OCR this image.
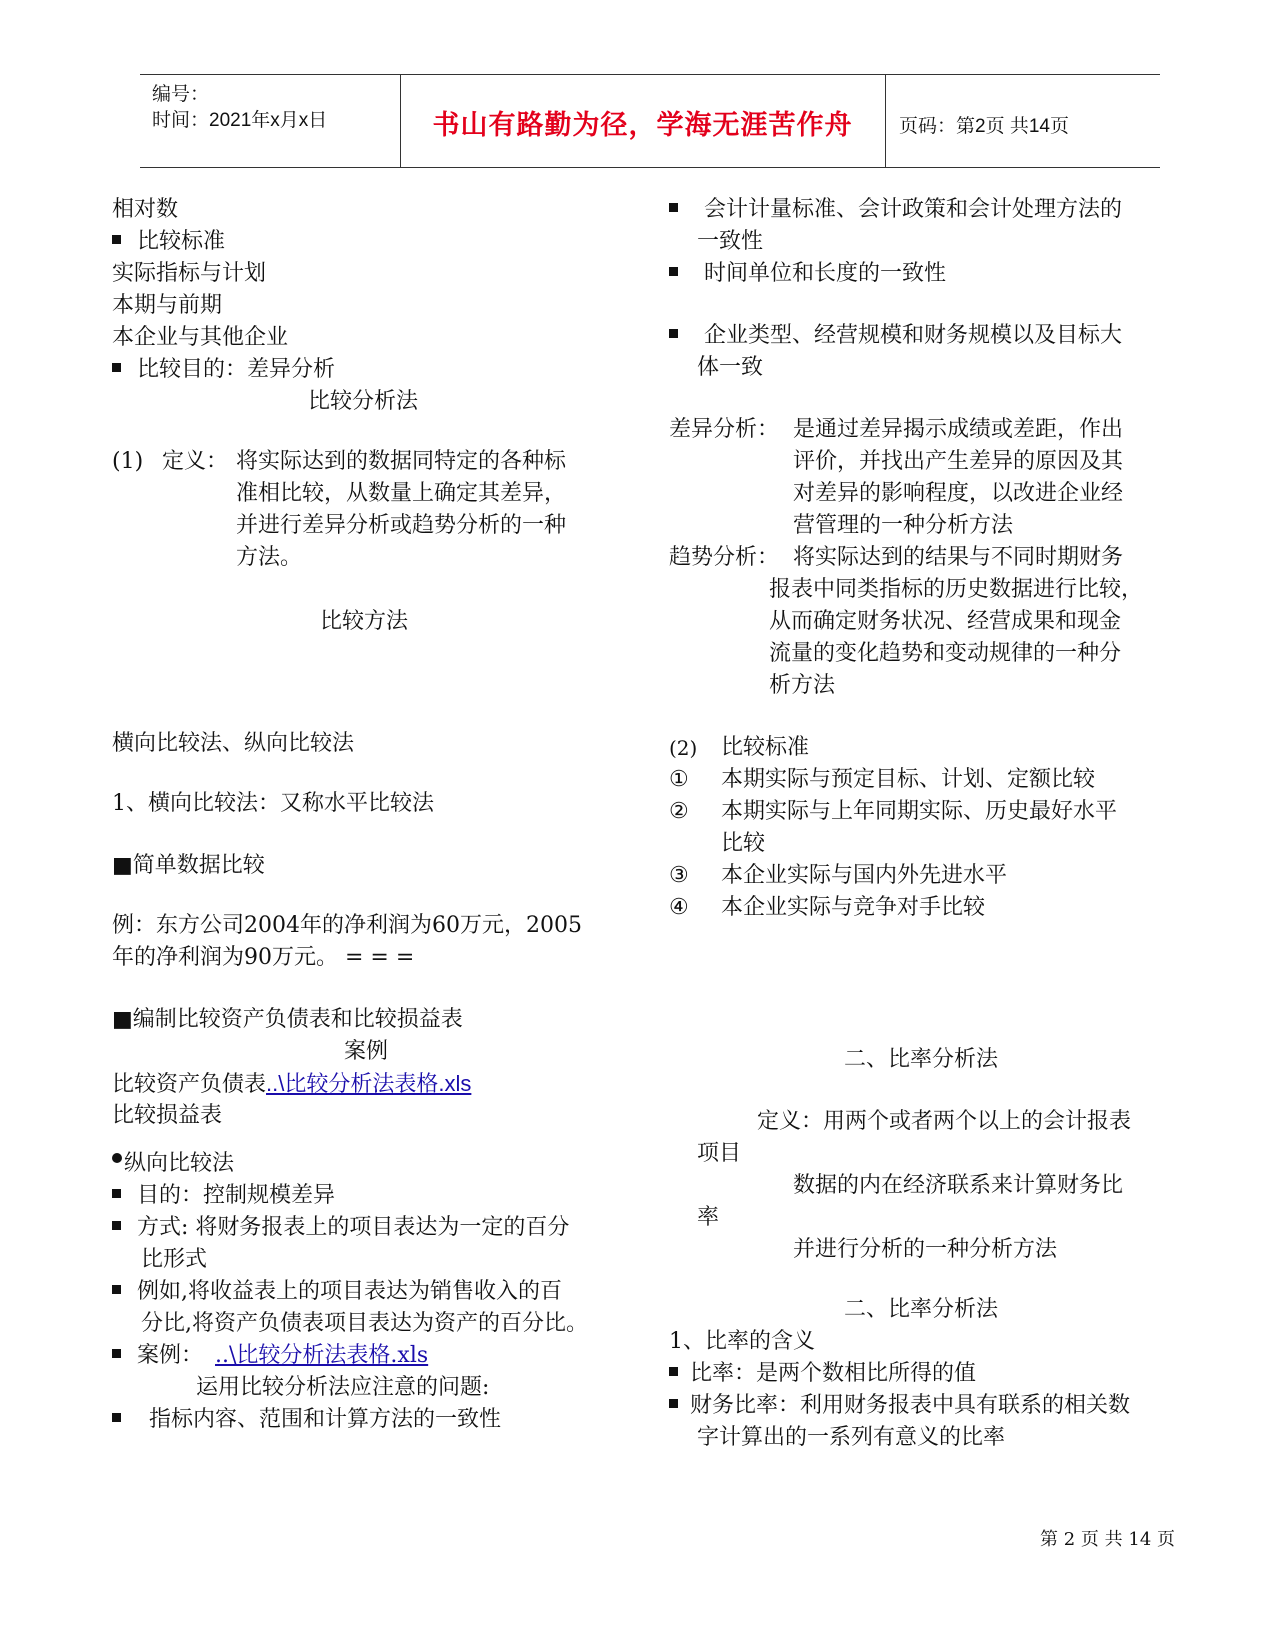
编号：
时间：2021年x月x日	书山有路勤为径，学海无涯苦作舟	页码：第2页 共14页
相对数
比较标准
实际指标与计划
本期与前期
本企业与其他企业
比较目的：差异分析
比较分析法
(1) 定义： 将实际达到的数据同特定的各种标
准相比较，从数量上确定其差异，
并进行差异分析或趋势分析的一种
方法。
比较方法
横向比较法、纵向比较法
1、横向比较法：又称水平比较法
■简单数据比较
例：东方公司2004年的净利润为60万元，2005
年的净利润为90万元。 = = =
■编制比较资产负债表和比较损益表
案例
比较资产负债表..\比较分析法表格.xls
比较损益表
纵向比较法
目的：控制规模差异
方式: 将财务报表上的项目表达为一定的百分
比形式
例如,将收益表上的项目表达为销售收入的百
分比,将资产负债表项目表达为资产的百分比。
案例： ..\比较分析法表格.xls
运用比较分析法应注意的问题:
指标内容、范围和计算方法的一致性
会计计量标准、会计政策和会计处理方法的
一致性
时间单位和长度的一致性
企业类型、经营规模和财务规模以及目标大
体一致
差异分析： 是通过差异揭示成绩或差距，作出
评价，并找出产生差异的原因及其
对差异的影响程度，以改进企业经
营管理的一种分析方法
趋势分析： 将实际达到的结果与不同时期财务
报表中同类指标的历史数据进行比较，
从而确定财务状况、经营成果和现金
流量的变化趋势和变动规律的一种分
析方法
(2) 比较标准
① 本期实际与预定目标、计划、定额比较
② 本期实际与上年同期实际、历史最好水平
比较
③ 本企业实际与国内外先进水平
④ 本企业实际与竞争对手比较
二、比率分析法
定义：用两个或者两个以上的会计报表
项目
数据的内在经济联系来计算财务比
率
并进行分析的一种分析方法
二、比率分析法
1、比率的含义
比率：是两个数相比所得的值
财务比率：利用财务报表中具有联系的相关数
字计算出的一系列有意义的比率
第 2 页 共 14 页
